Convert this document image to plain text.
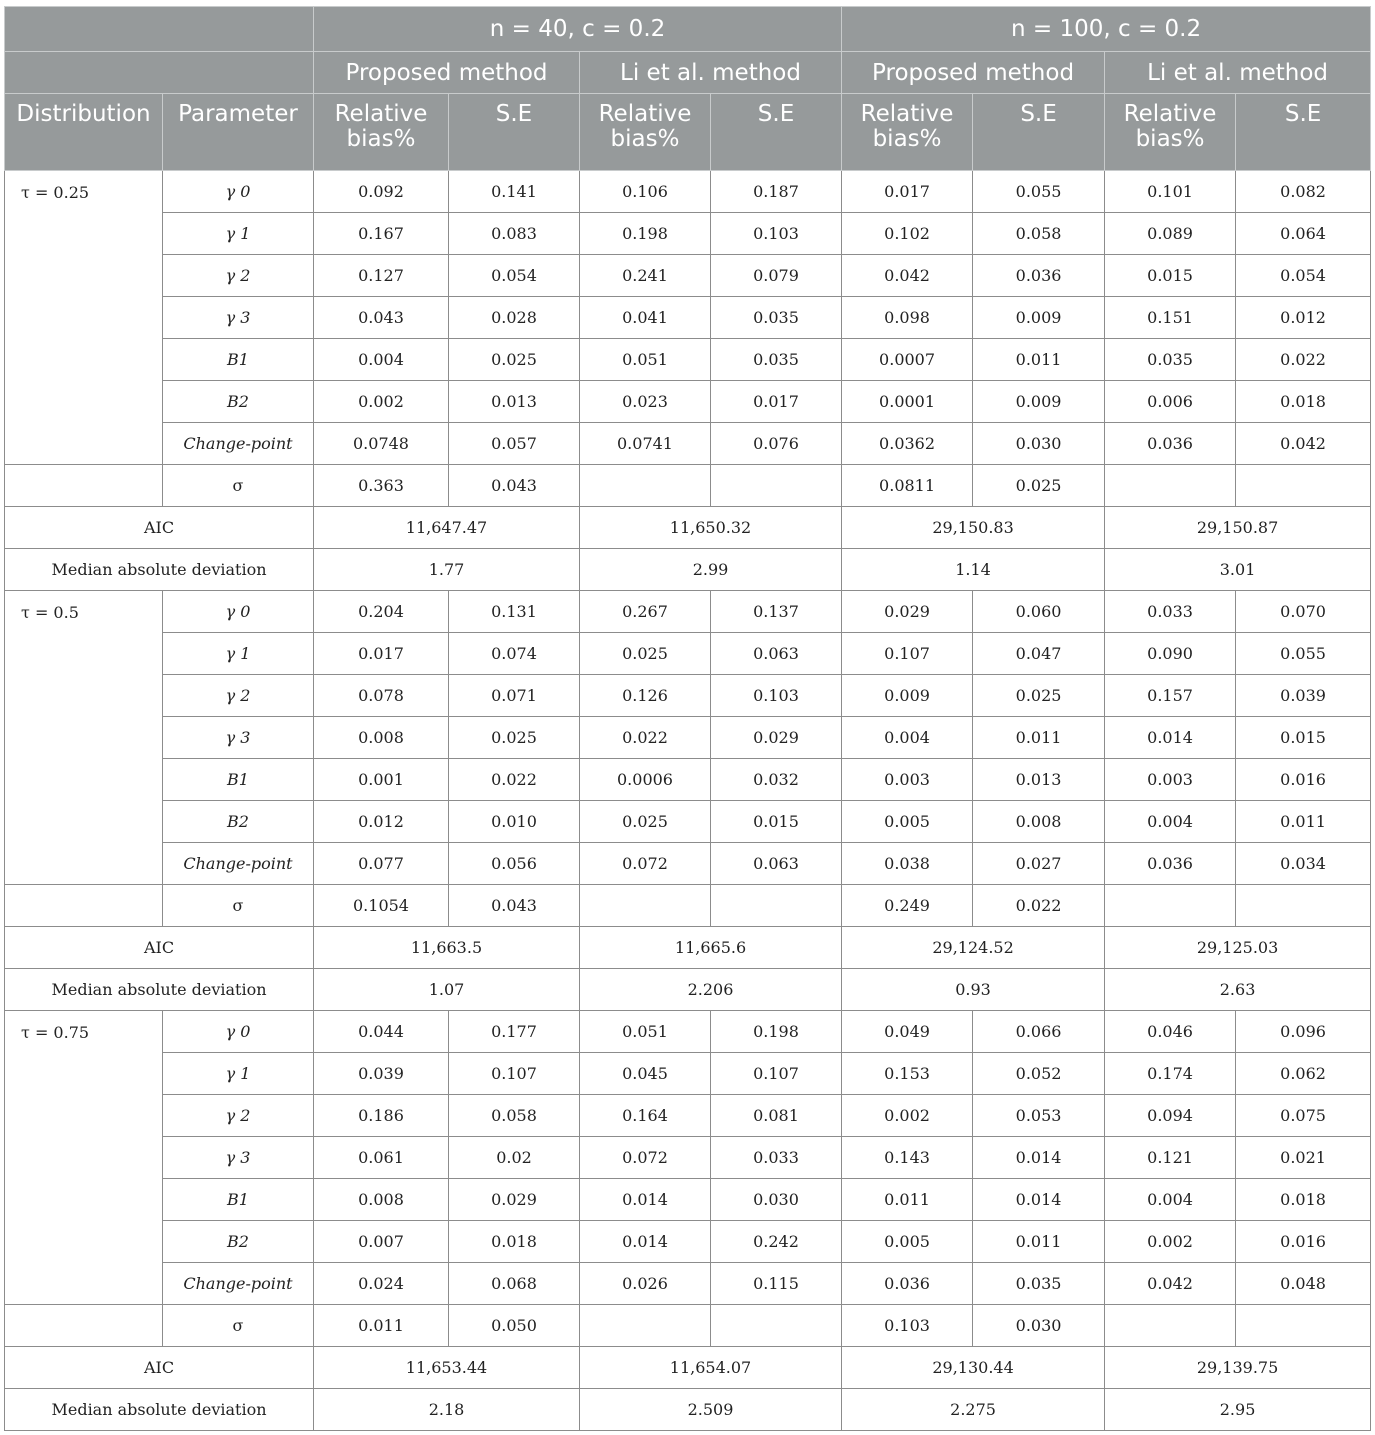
		n = 40, c = 0.2				n = 100, c = 0.2			
		Proposed method		Li et al. method		Proposed method		Li et al. method	
Distribution	Parameter	Relative bias%	S.E	Relative bias%	S.E	Relative bias%	S.E	Relative bias%	S.E
τ = 0.25	γ 0	0.092	0.141	0.106	0.187	0.017	0.055	0.101	0.082
	γ 1	0.167	0.083	0.198	0.103	0.102	0.058	0.089	0.064
	γ 2	0.127	0.054	0.241	0.079	0.042	0.036	0.015	0.054
	γ 3	0.043	0.028	0.041	0.035	0.098	0.009	0.151	0.012
	B1	0.004	0.025	0.051	0.035	0.0007	0.011	0.035	0.022
	B2	0.002	0.013	0.023	0.017	0.0001	0.009	0.006	0.018
	Change-point	0.0748	0.057	0.0741	0.076	0.0362	0.030	0.036	0.042
	σ	0.363	0.043			0.0811	0.025		
AIC		11,647.47		11,650.32		29,150.83		29,150.87	
Median absolute deviation		1.77		2.99		1.14		3.01	
τ = 0.5	γ 0	0.204	0.131	0.267	0.137	0.029	0.060	0.033	0.070
	γ 1	0.017	0.074	0.025	0.063	0.107	0.047	0.090	0.055
	γ 2	0.078	0.071	0.126	0.103	0.009	0.025	0.157	0.039
	γ 3	0.008	0.025	0.022	0.029	0.004	0.011	0.014	0.015
	B1	0.001	0.022	0.0006	0.032	0.003	0.013	0.003	0.016
	B2	0.012	0.010	0.025	0.015	0.005	0.008	0.004	0.011
	Change-point	0.077	0.056	0.072	0.063	0.038	0.027	0.036	0.034
	σ	0.1054	0.043			0.249	0.022		
AIC		11,663.5		11,665.6		29,124.52		29,125.03	
Median absolute deviation		1.07		2.206		0.93		2.63	
τ = 0.75	γ 0	0.044	0.177	0.051	0.198	0.049	0.066	0.046	0.096
	γ 1	0.039	0.107	0.045	0.107	0.153	0.052	0.174	0.062
	γ 2	0.186	0.058	0.164	0.081	0.002	0.053	0.094	0.075
	γ 3	0.061	0.02	0.072	0.033	0.143	0.014	0.121	0.021
	B1	0.008	0.029	0.014	0.030	0.011	0.014	0.004	0.018
	B2	0.007	0.018	0.014	0.242	0.005	0.011	0.002	0.016
	Change-point	0.024	0.068	0.026	0.115	0.036	0.035	0.042	0.048
	σ	0.011	0.050			0.103	0.030		
AIC		11,653.44		11,654.07		29,130.44		29,139.75	
Median absolute deviation		2.18		2.509		2.275		2.95	
